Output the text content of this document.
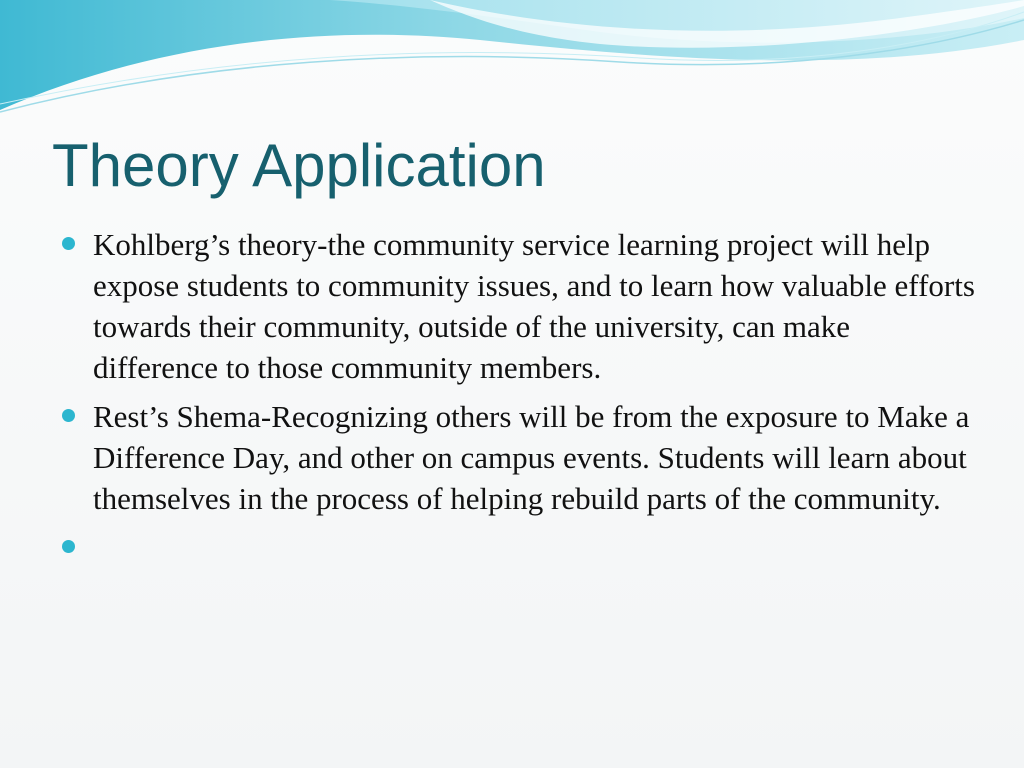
Theory Application
Kohlberg’s theory-the community service learning project will help expose students to community issues, and to learn how valuable efforts towards their community, outside of the university, can make difference to those community members.
Rest’s Shema-Recognizing others will be from the exposure to Make a Difference Day, and other on campus events. Students will learn about themselves in the process of helping rebuild parts of the community.
